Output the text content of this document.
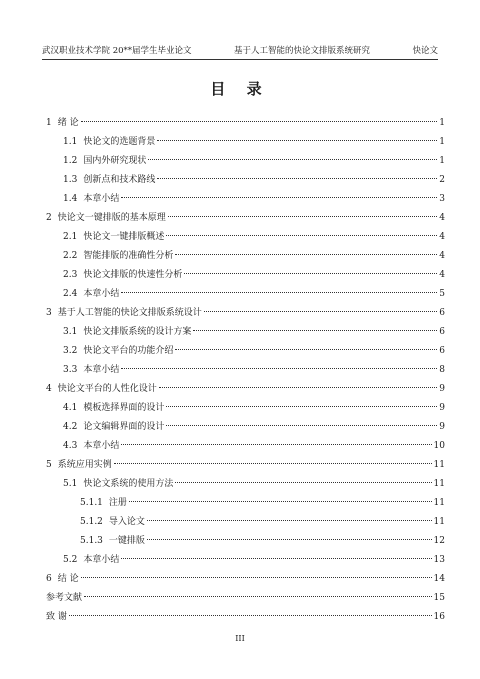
武汉职业技术学院 20**届学生毕业论文	基于人工智能的快论文排版系统研究	快论文
目 录
1 绪 论	1
1.1 快论文的选题背景	1
1.2 国内外研究现状	1
1.3 创新点和技术路线	2
1.4 本章小结	3
2 快论文一键排版的基本原理	4
2.1 快论文一键排版概述	4
2.2 智能排版的准确性分析	4
2.3 快论文排版的快速性分析	4
2.4 本章小结	5
3 基于人工智能的快论文排版系统设计	6
3.1 快论文排版系统的设计方案	6
3.2 快论文平台的功能介绍	6
3.3 本章小结	8
4 快论文平台的人性化设计	9
4.1 模板选择界面的设计	9
4.2 论文编辑界面的设计	9
4.3 本章小结	10
5 系统应用实例	11
5.1 快论文系统的使用方法	11
5.1.1 注册	11
5.1.2 导入论文	11
5.1.3 一键排版	12
5.2 本章小结	13
6 结 论	14
参考文献	15
致 谢	16
III
